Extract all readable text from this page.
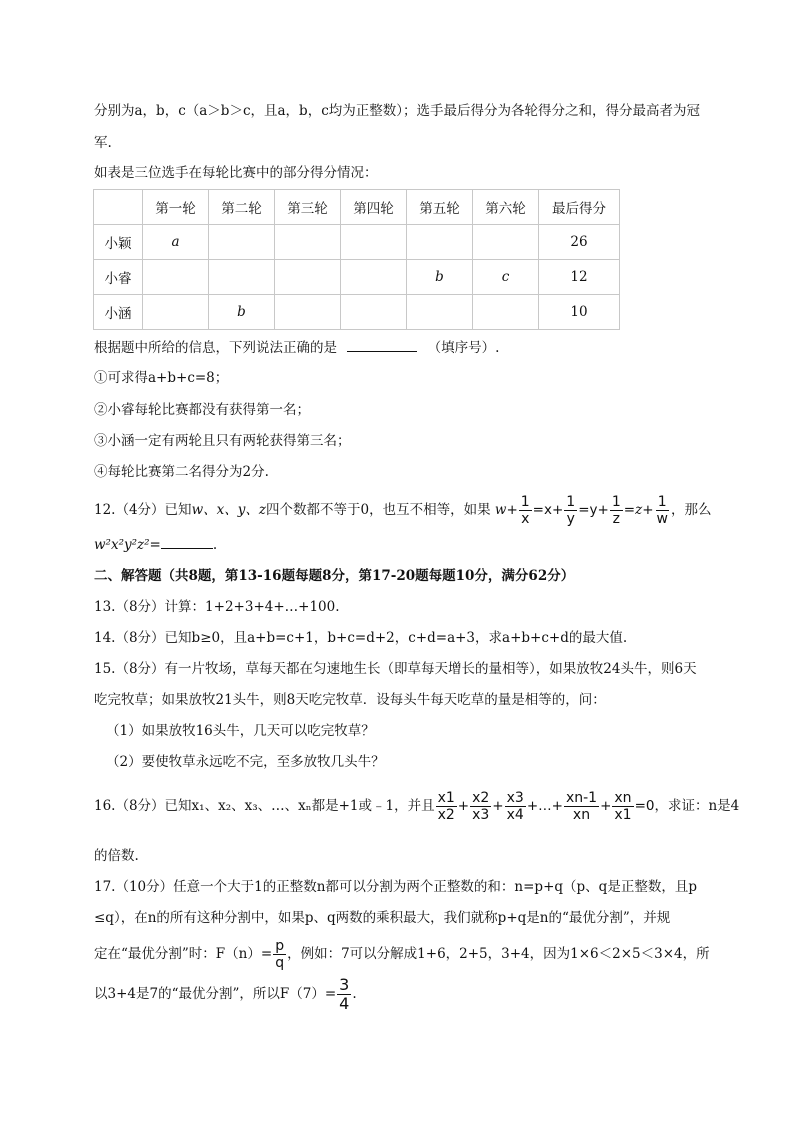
分别为a，b，c（a＞b＞c，且a，b，c均为正整数）；选手最后得分为各轮得分之和，得分最高者为冠
军.
如表是三位选手在每轮比赛中的部分得分情况：
	第一轮	第二轮	第三轮	第四轮	第五轮	第六轮	最后得分
小颖	a						26
小睿					b	c	12
小涵		b					10
根据题中所给的信息，下列说法正确的是	（填序号）.
①可求得a+b+c=8；
②小睿每轮比赛都没有获得第一名；
③小涵一定有两轮且只有两轮获得第三名；
④每轮比赛第二名得分为2分.
12.（4分）已知w、x、y、z四个数都不等于0，也互不相等，如果 $w+ \frac{1}{x} =x+ \frac{1}{y} =y+ \frac{1}{z} =z+ \frac{1}{w}$ ，那么
w²x²y²z²=	.
二、解答题（共8题，第13-16题每题8分，第17-20题每题10分，满分62分）
13.（8分）计算：1+2+3+4+…+100.
14.（8分）已知b≥0，且a+b=c+1，b+c=d+2，c+d=a+3，求a+b+c+d的最大值.
15.（8分）有一片牧场，草每天都在匀速地生长（即草每天增长的量相等），如果放牧24头牛，则6天
吃完牧草；如果放牧21头牛，则8天吃完牧草．设每头牛每天吃草的量是相等的，问：
（1）如果放牧16头牛，几天可以吃完牧草？
（2）要使牧草永远吃不完，至多放牧几头牛？
16.（8分）已知x₁、x₂、x₃、…、xₙ都是+1或﹣1，并且 $\frac{x1}{x2} + \frac{x2}{x3} + \frac{x3}{x4}$ +…+ $\frac{xn-1}{xn} + \frac{xn}{x1} =0$，求证：n是4
的倍数.
17.（10分）任意一个大于1的正整数n都可以分割为两个正整数的和：n=p+q（p、q是正整数，且p
≤q），在n的所有这种分割中，如果p、q两数的乘积最大，我们就称p+q是n的“最优分割”，并规
定在“最优分割”时：$F(n)= \frac{p}{q}$ ，例如：7可以分解成1+6，2+5，3+4，因为1×6＜2×5＜3×4，所
以3+4是7的“最优分割”，所以$F(7)= \frac{3}{4}$ .
